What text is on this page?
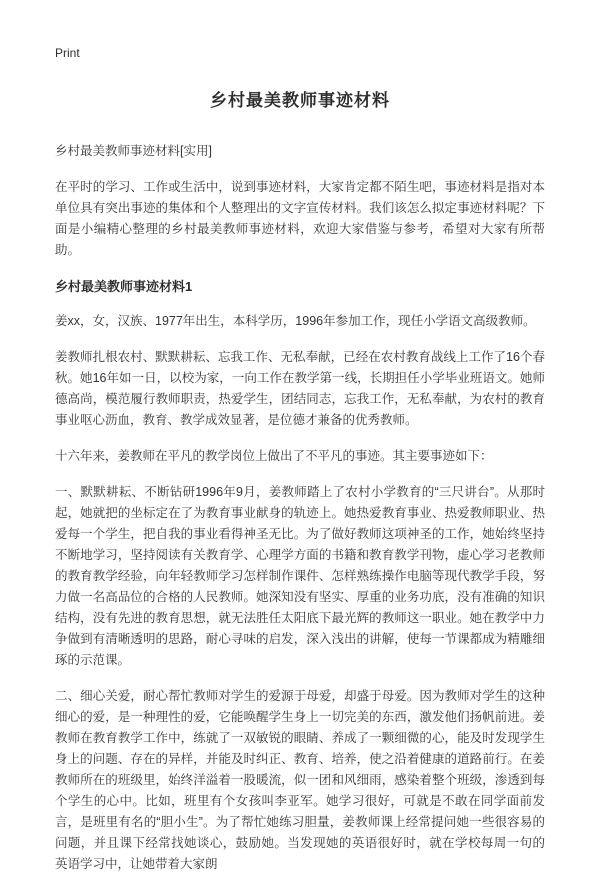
Print
乡村最美教师事迹材料

乡村最美教师事迹材料[实用]

在平时的学习、工作或生活中，说到事迹材料，大家肯定都不陌生吧，事迹材料是指对本单位具有突出事迹的集体和个人整理出的文字宣传材料。我们该怎么拟定事迹材料呢？下面是小编精心整理的乡村最美教师事迹材料，欢迎大家借鉴与参考，希望对大家有所帮助。

乡村最美教师事迹材料1

姜xx，女，汉族、1977年出生，本科学历，1996年参加工作，现任小学语文高级教师。

姜教师扎根农村、默默耕耘、忘我工作、无私奉献，已经在农村教育战线上工作了16个春秋。她16年如一日，以校为家，一向工作在教学第一线，长期担任小学毕业班语文。她师德高尚，模范履行教师职责，热爱学生，团结同志，忘我工作，无私奉献，为农村的教育事业呕心沥血，教育、教学成效显著，是位德才兼备的优秀教师。

十六年来，姜教师在平凡的教学岗位上做出了不平凡的事迹。其主要事迹如下：

一、默默耕耘、不断钻研1996年9月，姜教师踏上了农村小学教育的“三尺讲台”。从那时起，她就把的坐标定在了为教育事业献身的轨迹上。她热爱教育事业、热爱教师职业、热爱每一个学生，把自我的事业看得神圣无比。为了做好教师这项神圣的工作，她始终坚持不断地学习，坚持阅读有关教育学、心理学方面的书籍和教育教学刊物，虚心学习老教师的教育教学经验，向年轻教师学习怎样制作课件、怎样熟练操作电脑等现代教学手段，努力做一名高品位的合格的人民教师。她深知没有坚实、厚重的业务功底，没有准确的知识结构，没有先进的教育思想，就无法胜任太阳底下最光辉的教师这一职业。她在教学中力争做到有清晰透明的思路，耐心寻味的启发，深入浅出的讲解，使每一节课都成为精雕细琢的示范课。

二、细心关爱，耐心帮忙教师对学生的爱源于母爱，却盛于母爱。因为教师对学生的这种细心的爱，是一种理性的爱，它能唤醒学生身上一切完美的东西，激发他们扬帆前进。姜教师在教育教学工作中，练就了一双敏锐的眼睛、养成了一颗细微的心，能及时发现学生身上的问题、存在的异样，并能及时纠正、教育、培养，使之沿着健康的道路前行。在姜教师所在的班级里，始终洋溢着一股暖流，似一团和风细雨，感染着整个班级，渗透到每个学生的心中。比如，班里有个女孩叫李亚军。她学习很好，可就是不敢在同学面前发言，是班里有名的“胆小生”。为了帮忙她练习胆量，姜教师课上经常提问她一些很容易的问题，并且课下经常找她谈心，鼓励她。当发现她的英语很好时，就在学校每周一句的 英语学习中，让她带着大家朗
